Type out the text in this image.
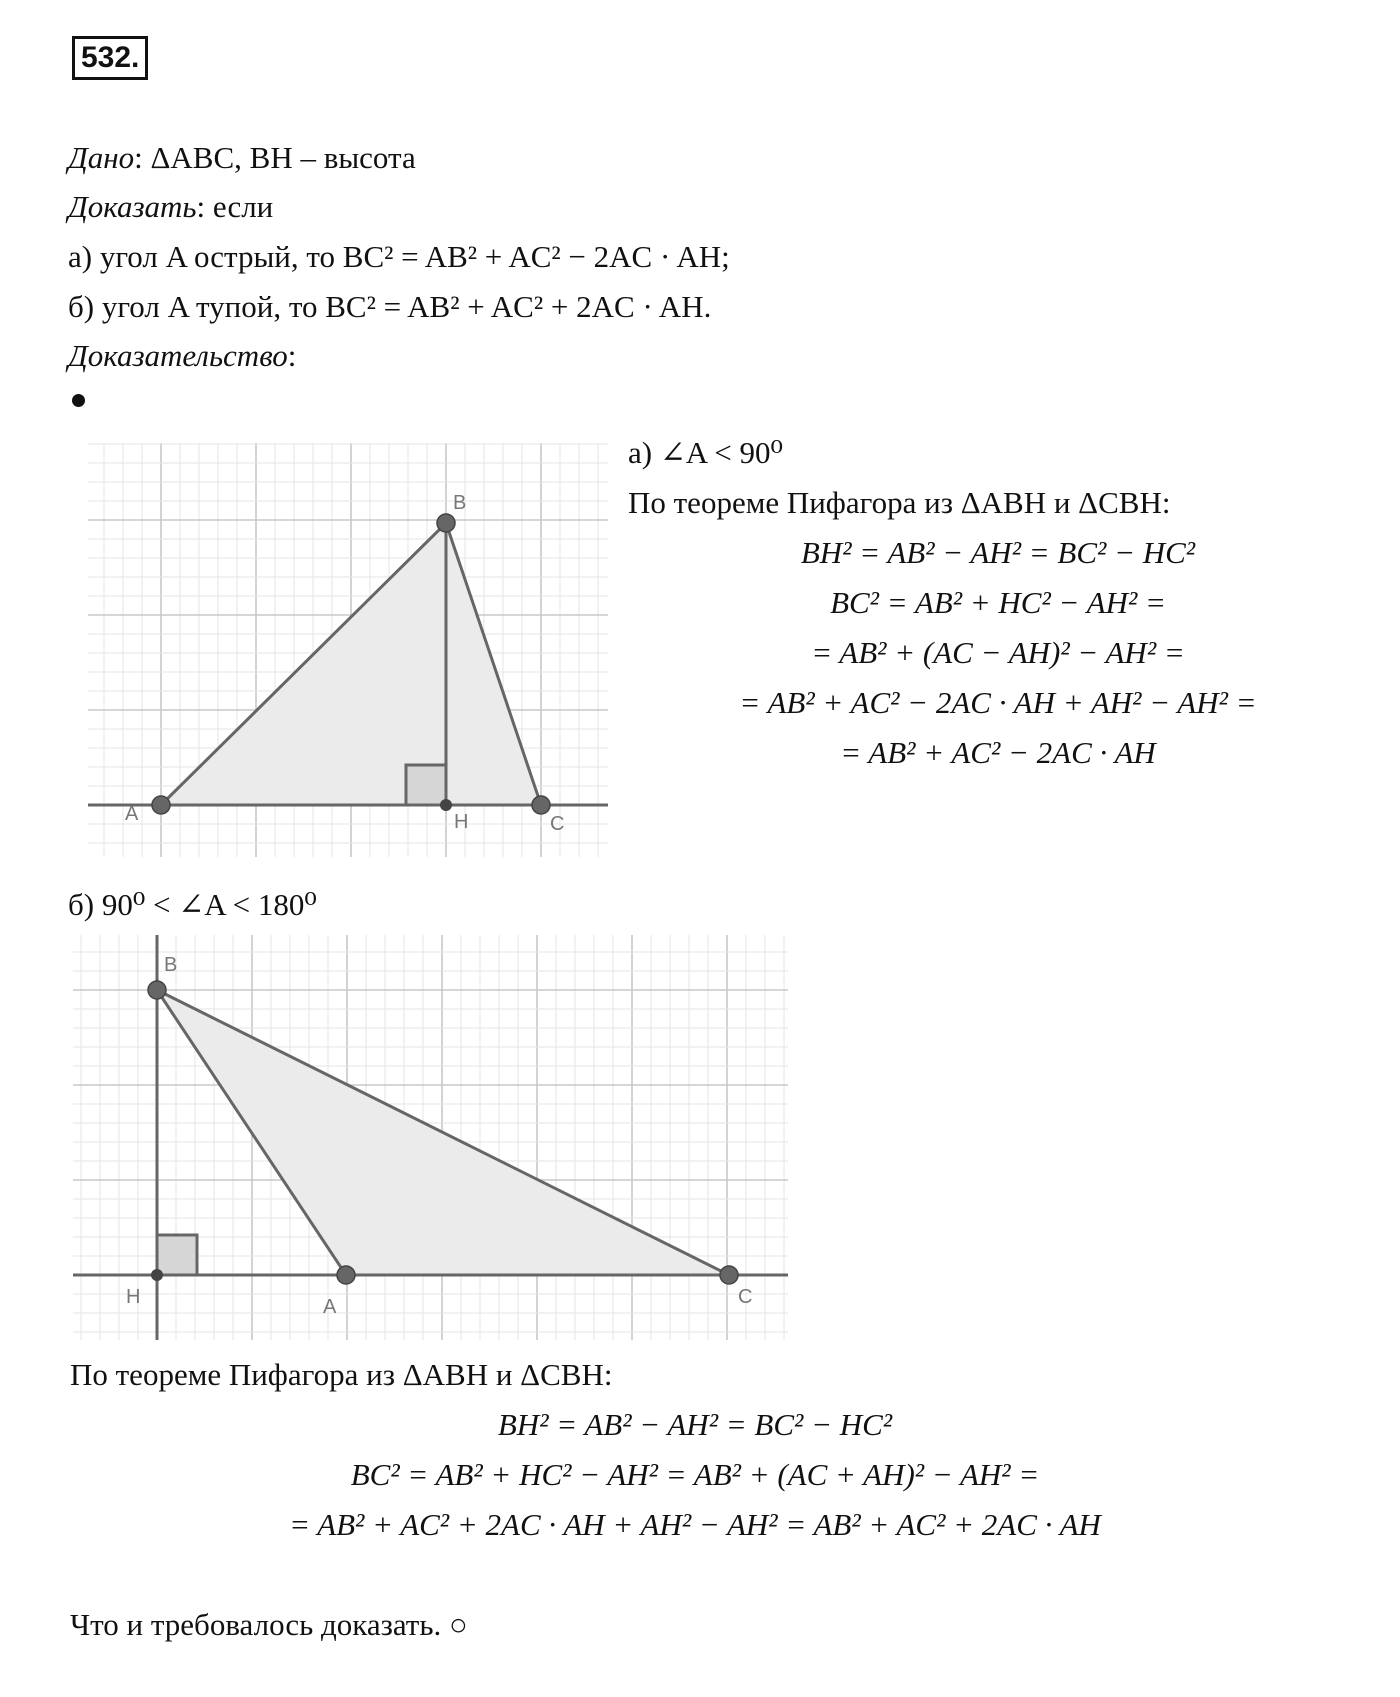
532.
Дано: ΔABC, BH – высота
Доказать: если
а) угол A острый, то BC² = AB² + AC² − 2AC · AH;
б) угол A тупой, то BC² = AB² + AC² + 2AC · AH.
Доказательство:
A
B
C
H
а) ∠A < 90⁰
По теореме Пифагора из ΔABH и ΔCBH:
BH² = AB² − AH² = BC² − HC²
BC² = AB² + HC² − AH² =
= AB² + (AC − AH)² − AH² =
= AB² + AC² − 2AC · AH + AH² − AH² =
= AB² + AC² − 2AC · AH
б) 90⁰ < ∠A < 180⁰
B
A	C
H
По теореме Пифагора из ΔABH и ΔCBH:
BH² = AB² − AH² = BC² − HC²
BC² = AB² + HC² − AH² = AB² + (AC + AH)² − AH² =
= AB² + AC² + 2AC · AH + AH² − AH² = AB² + AC² + 2AC · AH
Что и требовалось доказать. ○
